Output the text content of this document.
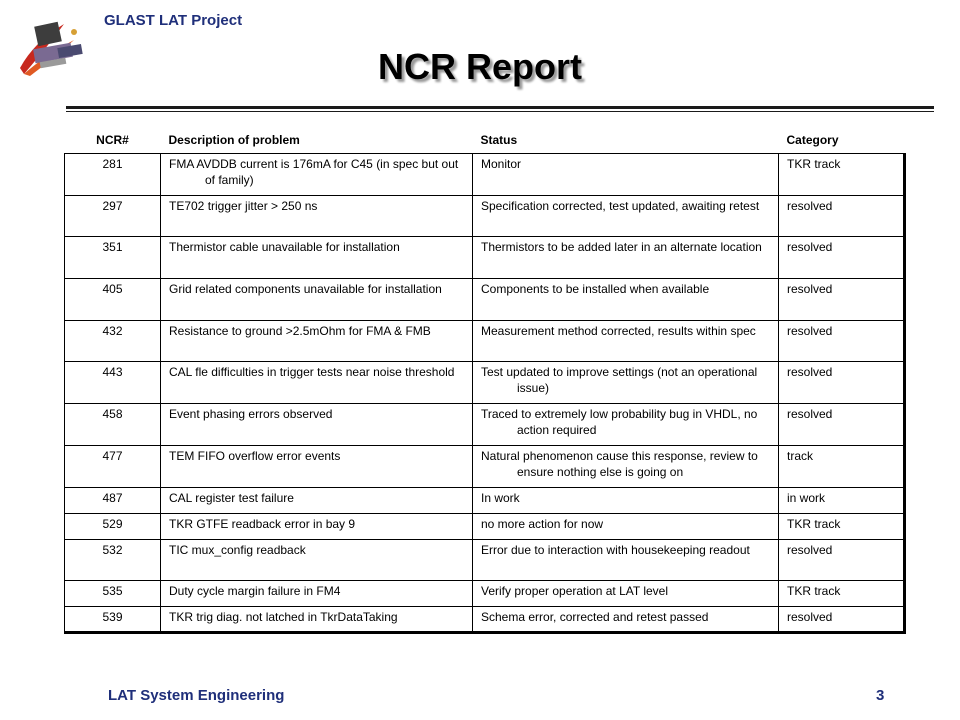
GLAST LAT Project
NCR Report
NCR#	Description of problem	Status	Category
281	FMA AVDDB current is 176mA for C45 (in spec but out of family)	Monitor	TKR track
297	TE702 trigger jitter > 250 ns	Specification corrected, test updated, awaiting retest	resolved
351	Thermistor cable unavailable for installation	Thermistors to be added later in an alternate location	resolved
405	Grid related components unavailable for installation	Components to be installed when available	resolved
432	Resistance to ground >2.5mOhm for FMA & FMB	Measurement method corrected, results within spec	resolved
443	CAL fle difficulties in trigger tests near noise threshold	Test updated to improve settings (not an operational issue)	resolved
458	Event phasing errors observed	Traced to extremely low probability bug in VHDL, no action required	resolved
477	TEM FIFO overflow error events	Natural phenomenon cause this response, review to ensure nothing else is going on	track
487	CAL register test failure	In work	in work
529	TKR GTFE readback error in bay 9	no more action for now	TKR track
532	TIC mux_config readback	Error due to interaction with housekeeping readout	resolved
535	Duty cycle margin failure in FM4	Verify proper operation at LAT level	TKR track
539	TKR trig diag. not latched in TkrDataTaking	Schema error, corrected and retest passed	resolved
LAT System Engineering	3
